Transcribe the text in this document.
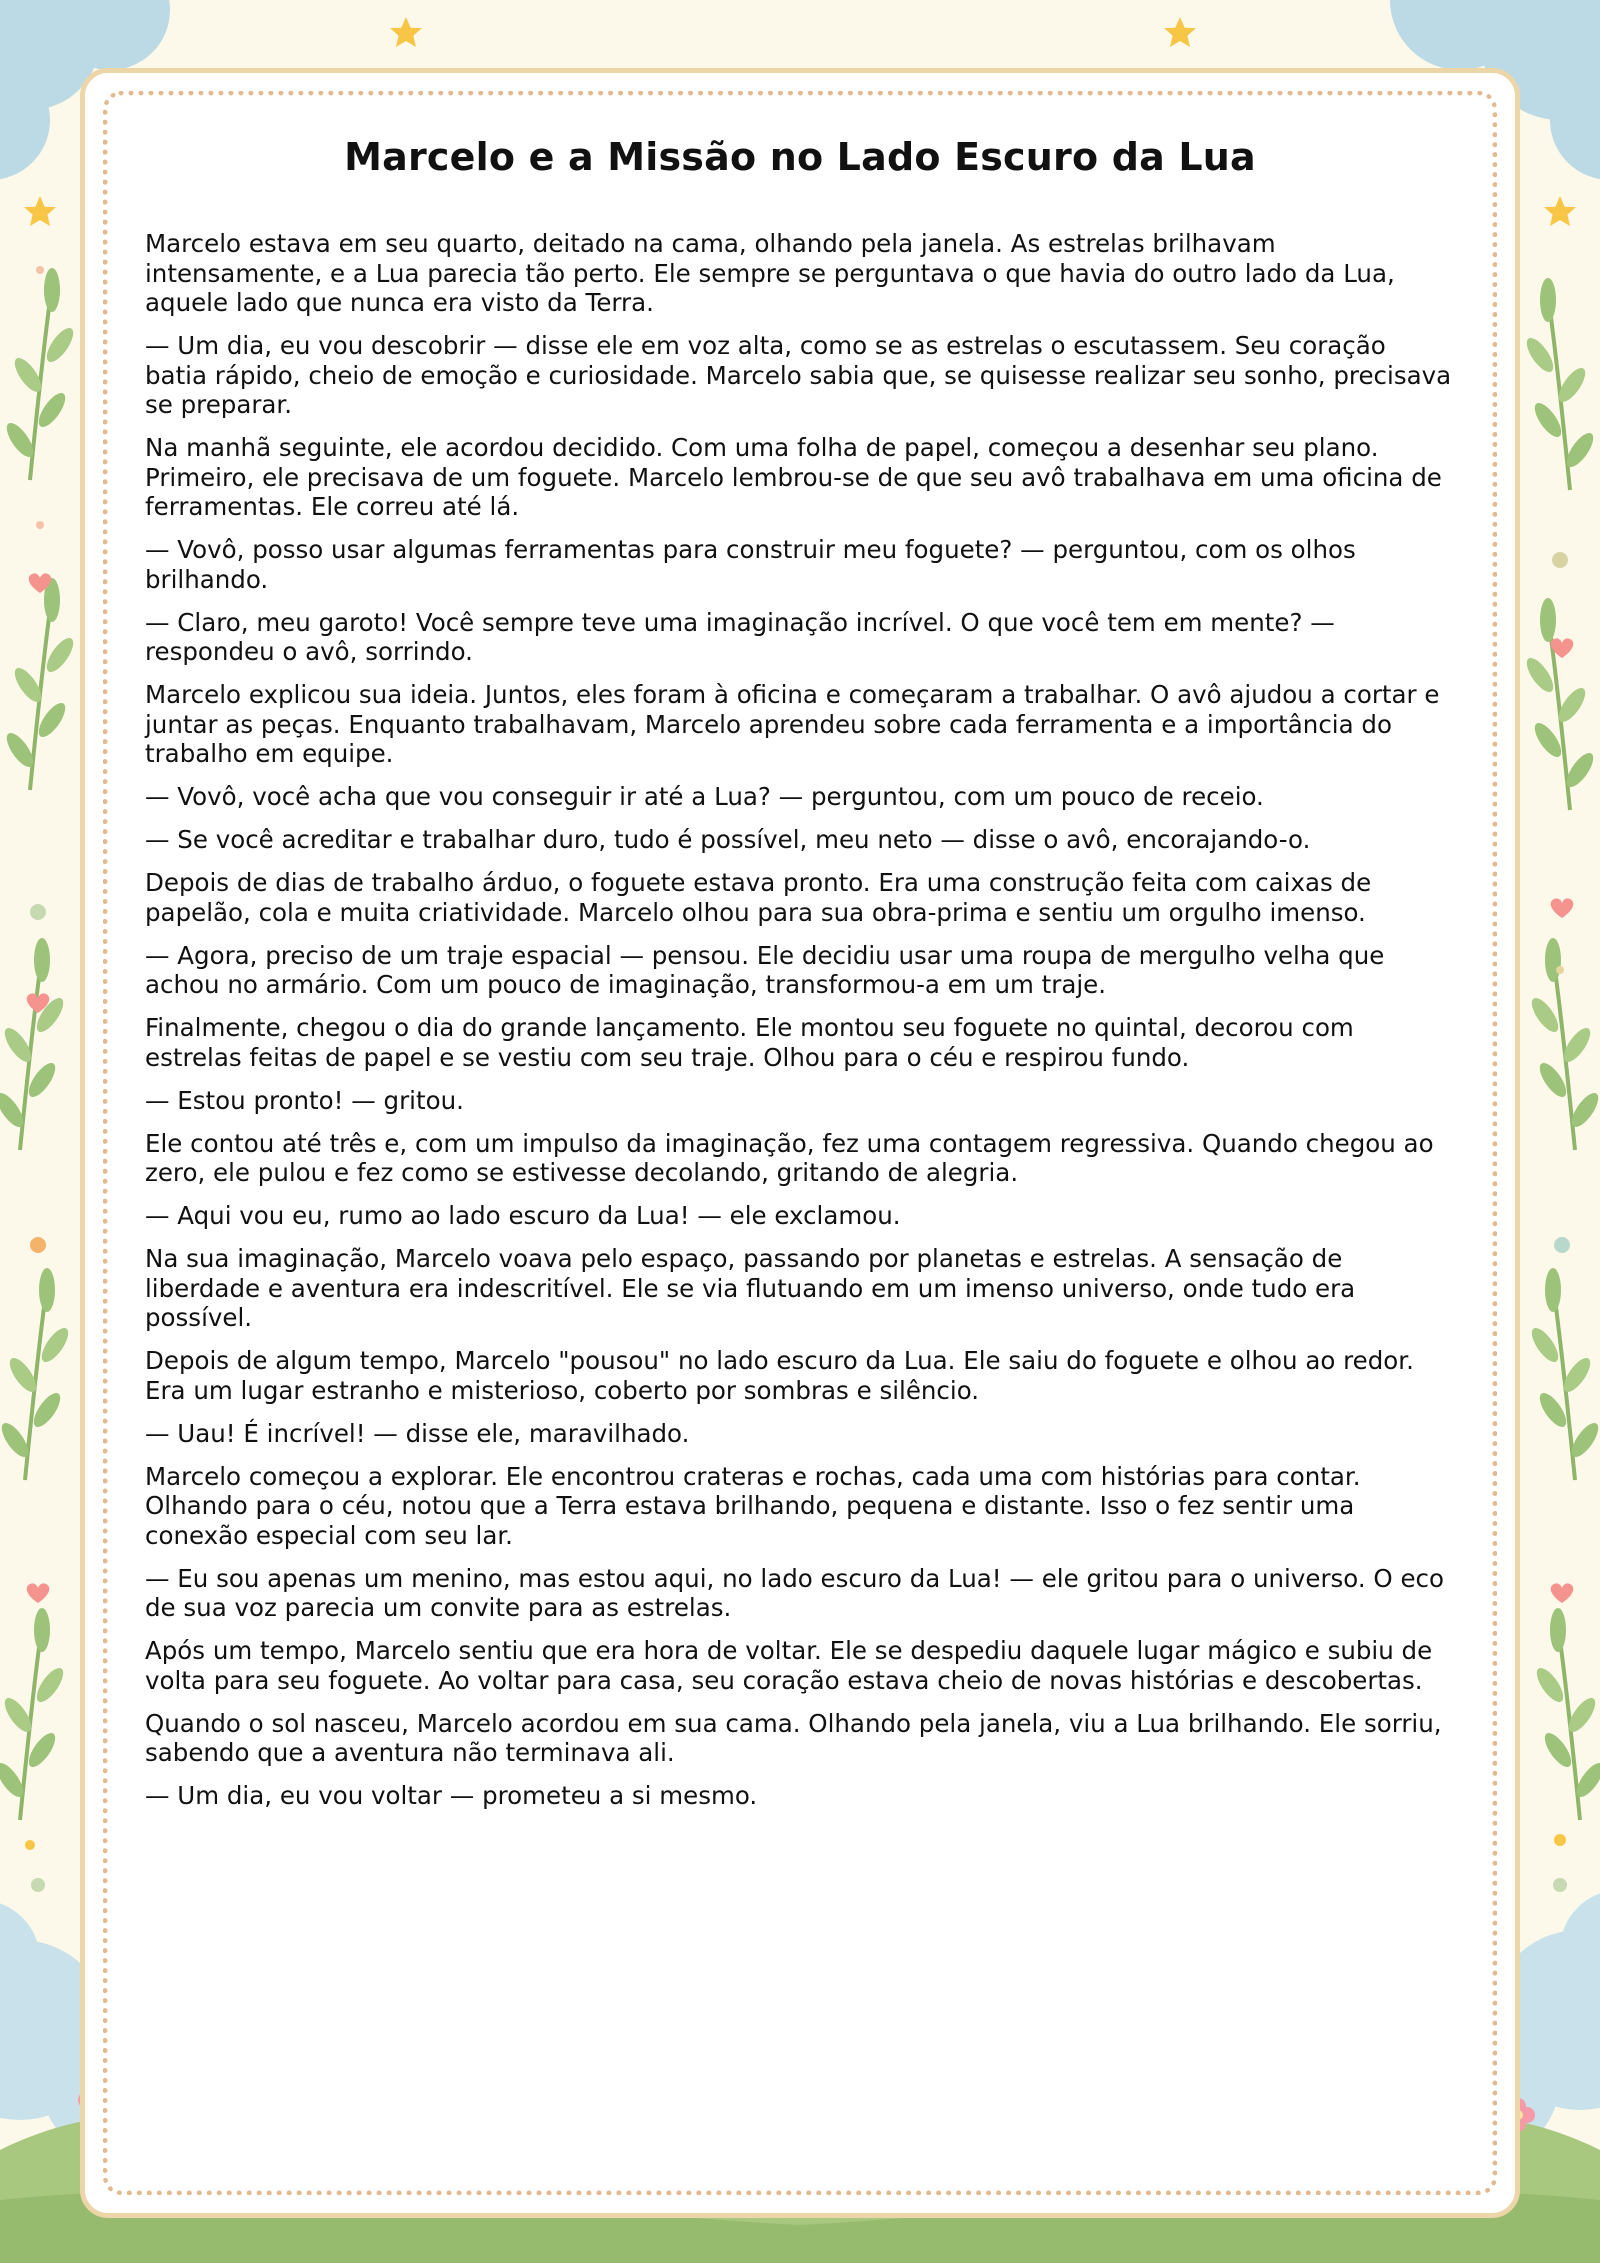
Marcelo e a Missão no Lado Escuro da Lua

Marcelo estava em seu quarto, deitado na cama, olhando pela janela. As estrelas brilhavam intensamente, e a Lua parecia tão perto. Ele sempre se perguntava o que havia do outro lado da Lua, aquele lado que nunca era visto da Terra.

— Um dia, eu vou descobrir — disse ele em voz alta, como se as estrelas o escutassem. Seu coração batia rápido, cheio de emoção e curiosidade. Marcelo sabia que, se quisesse realizar seu sonho, precisava se preparar.

Na manhã seguinte, ele acordou decidido. Com uma folha de papel, começou a desenhar seu plano. Primeiro, ele precisava de um foguete. Marcelo lembrou-se de que seu avô trabalhava em uma oficina de ferramentas. Ele correu até lá.

— Vovô, posso usar algumas ferramentas para construir meu foguete? — perguntou, com os olhos brilhando.

— Claro, meu garoto! Você sempre teve uma imaginação incrível. O que você tem em mente? — respondeu o avô, sorrindo.

Marcelo explicou sua ideia. Juntos, eles foram à oficina e começaram a trabalhar. O avô ajudou a cortar e juntar as peças. Enquanto trabalhavam, Marcelo aprendeu sobre cada ferramenta e a importância do trabalho em equipe.

— Vovô, você acha que vou conseguir ir até a Lua? — perguntou, com um pouco de receio.

— Se você acreditar e trabalhar duro, tudo é possível, meu neto — disse o avô, encorajando-o.

Depois de dias de trabalho árduo, o foguete estava pronto. Era uma construção feita com caixas de papelão, cola e muita criatividade. Marcelo olhou para sua obra-prima e sentiu um orgulho imenso.

— Agora, preciso de um traje espacial — pensou. Ele decidiu usar uma roupa de mergulho velha que achou no armário. Com um pouco de imaginação, transformou-a em um traje.

Finalmente, chegou o dia do grande lançamento. Ele montou seu foguete no quintal, decorou com estrelas feitas de papel e se vestiu com seu traje. Olhou para o céu e respirou fundo.

— Estou pronto! — gritou.

Ele contou até três e, com um impulso da imaginação, fez uma contagem regressiva. Quando chegou ao zero, ele pulou e fez como se estivesse decolando, gritando de alegria.

— Aqui vou eu, rumo ao lado escuro da Lua! — ele exclamou.

Na sua imaginação, Marcelo voava pelo espaço, passando por planetas e estrelas. A sensação de liberdade e aventura era indescritível. Ele se via flutuando em um imenso universo, onde tudo era possível.

Depois de algum tempo, Marcelo "pousou" no lado escuro da Lua. Ele saiu do foguete e olhou ao redor. Era um lugar estranho e misterioso, coberto por sombras e silêncio.

— Uau! É incrível! — disse ele, maravilhado.

Marcelo começou a explorar. Ele encontrou crateras e rochas, cada uma com histórias para contar. Olhando para o céu, notou que a Terra estava brilhando, pequena e distante. Isso o fez sentir uma conexão especial com seu lar.

— Eu sou apenas um menino, mas estou aqui, no lado escuro da Lua! — ele gritou para o universo. O eco de sua voz parecia um convite para as estrelas.

Após um tempo, Marcelo sentiu que era hora de voltar. Ele se despediu daquele lugar mágico e subiu de volta para seu foguete. Ao voltar para casa, seu coração estava cheio de novas histórias e descobertas.

Quando o sol nasceu, Marcelo acordou em sua cama. Olhando pela janela, viu a Lua brilhando. Ele sorriu, sabendo que a aventura não terminava ali.

— Um dia, eu vou voltar — prometeu a si mesmo.
